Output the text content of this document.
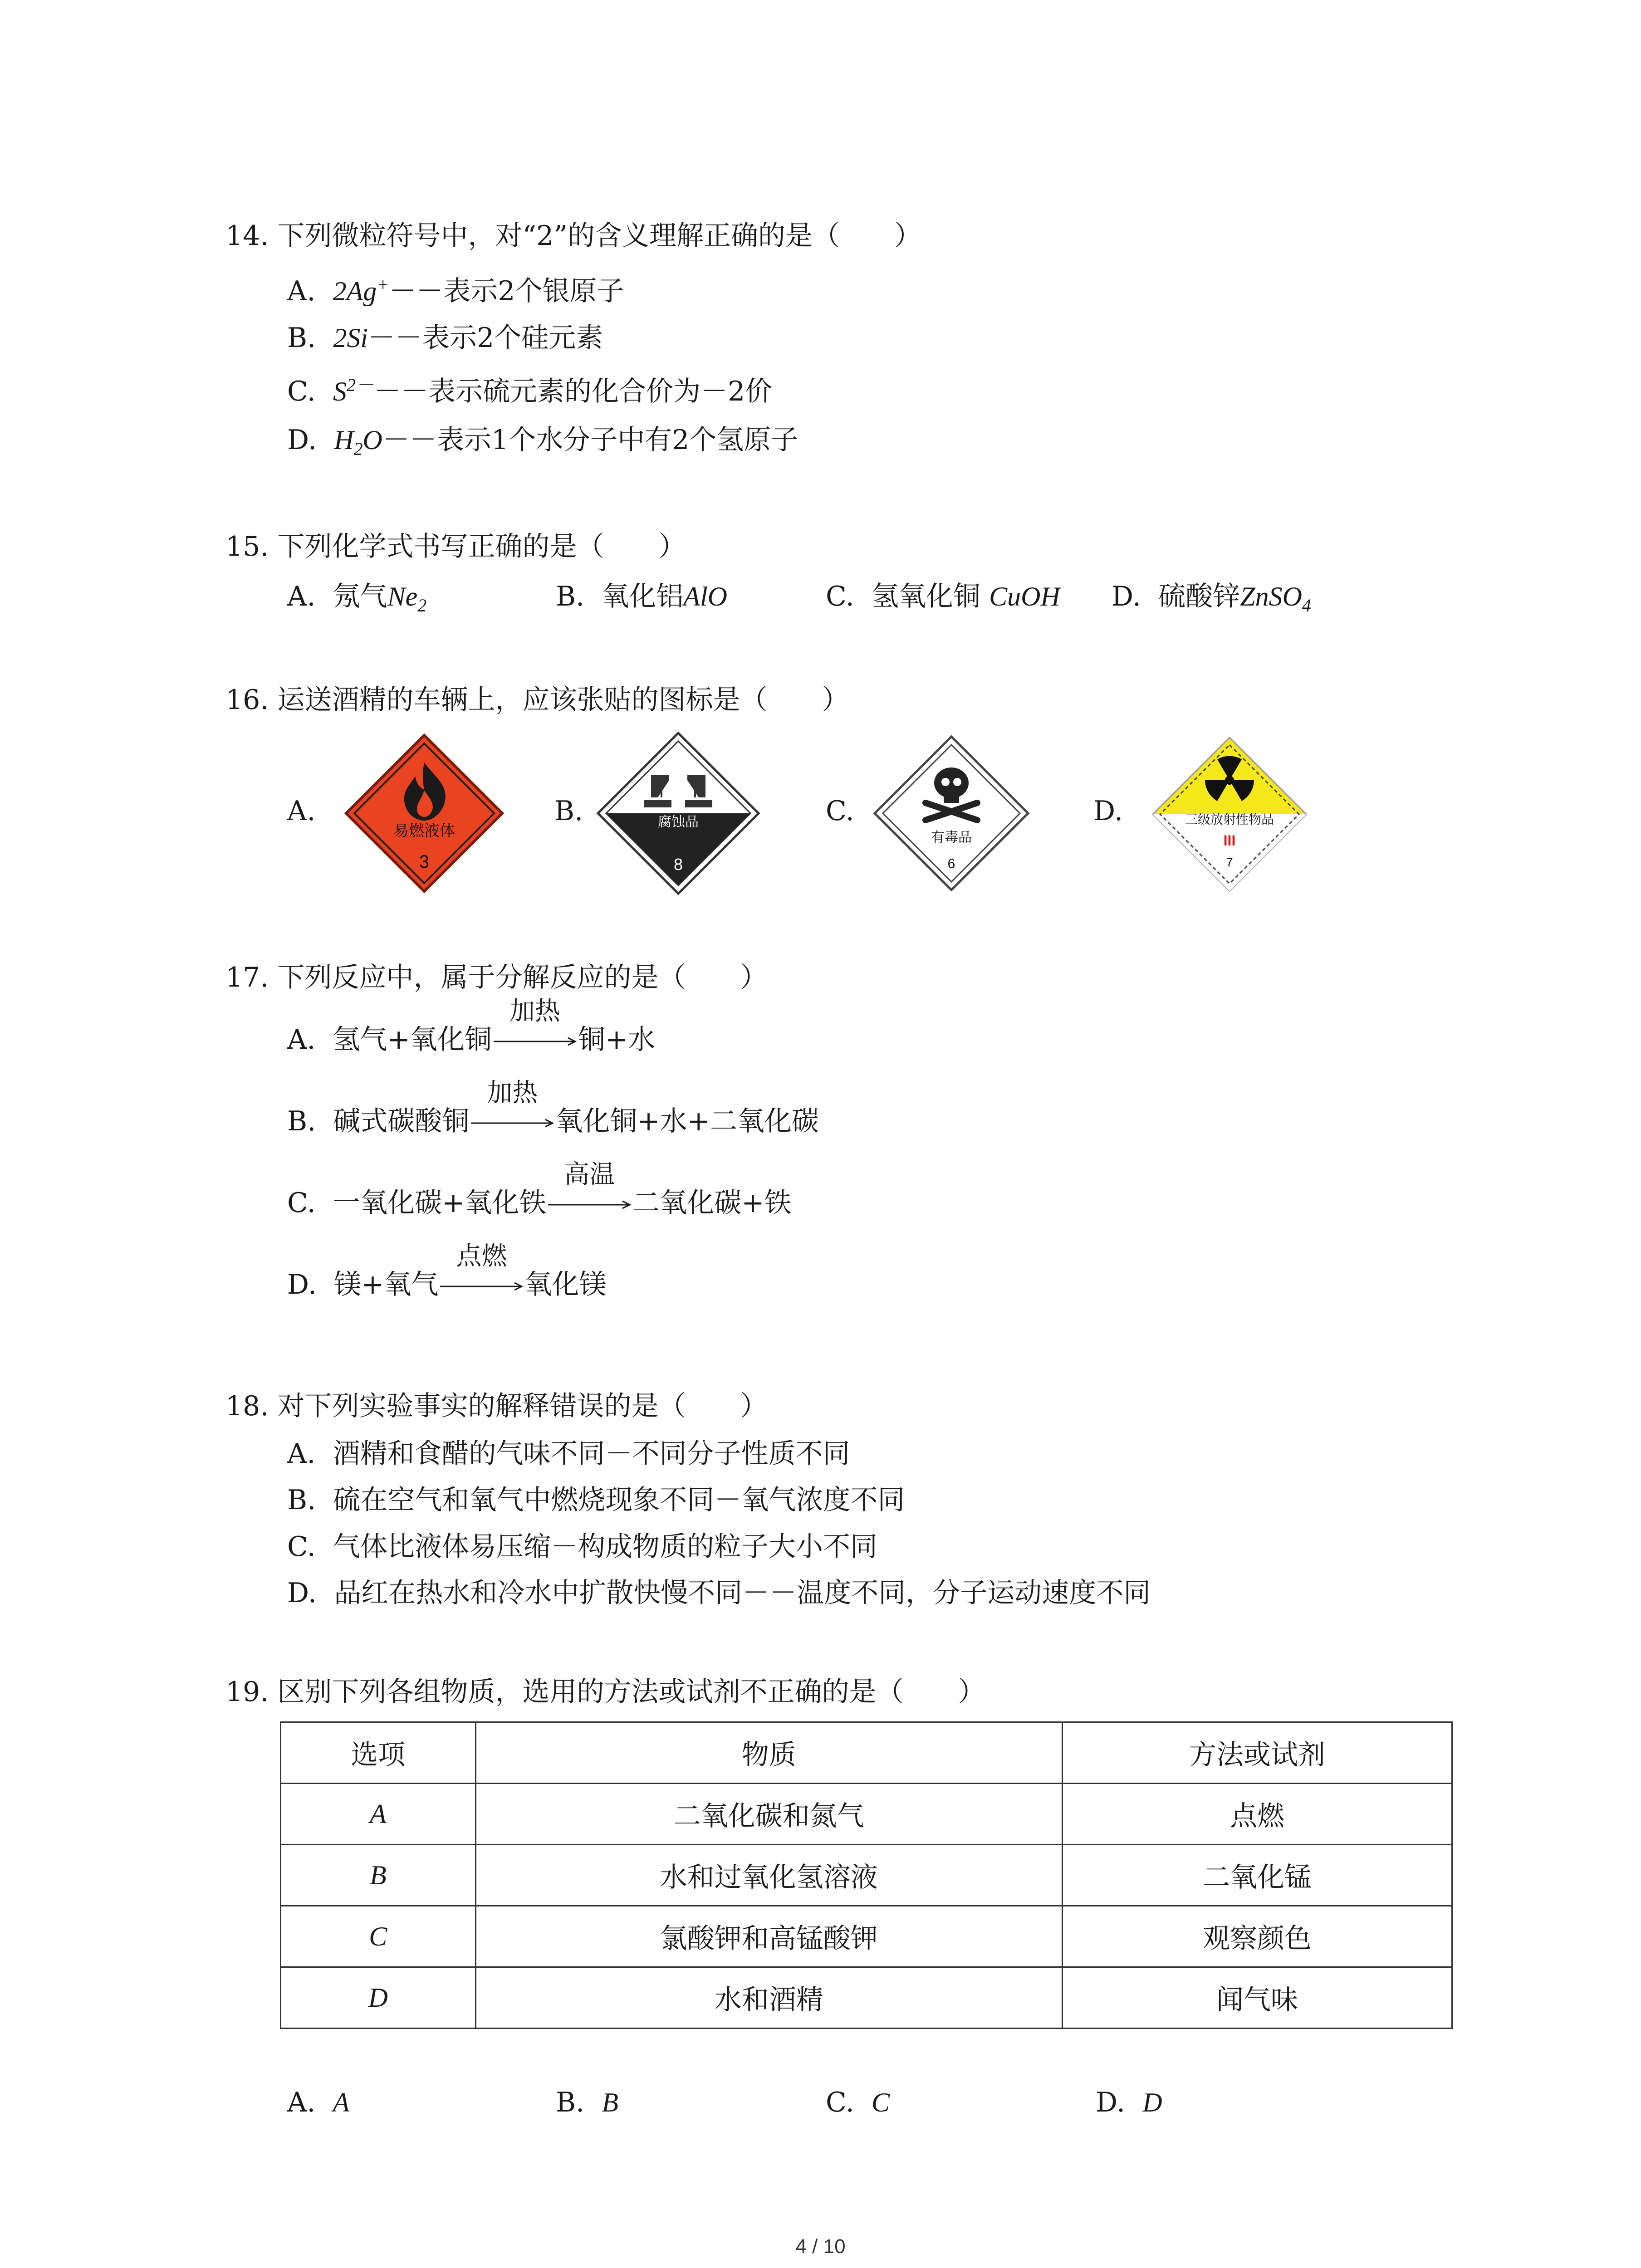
14. 下列微粒符号中，对“2”的含义理解正确的是（　　）
A. 2Ag+－－表示2个银原子
B. 2Si－－表示2个硅元素
C. $S^{2-}--$表示硫元素的化合价为－2价
D. $H_2O--$表示1个水分子中有2个氢原子
15. 下列化学式书写正确的是（　　）
A. 氖气$Ne_2$	B. 氧化铝AlO	C. 氢氧化铜 CuOH D. 硫酸锌ZnSO$_4$
16. 运送酒精的车辆上，应该张贴的图标是（　　）
A.
易燃液体
3
B.	腐蚀品
8
C.
有毒品
6
D.	三级放射性物品
III
7
17. 下列反应中，属于分解反应的是（　　）
A. 氢气+氧化铜
加热
铜+水
B. 碱式碳酸铜
加热
氧化铜+水+二氧化碳
C. 一氧化碳+氧化铁
高温
二氧化碳+铁
D. 镁+氧气
点燃
氧化镁
18. 对下列实验事实的解释错误的是（　　）
A. 酒精和食醋的气味不同－不同分子性质不同
B. 硫在空气和氧气中燃烧现象不同－氧气浓度不同
C. 气体比液体易压缩－构成物质的粒子大小不同
D. 品红在热水和冷水中扩散快慢不同－－温度不同，分子运动速度不同
19. 区别下列各组物质，选用的方法或试剂不正确的是（　　）
选项	物质	方法或试剂
A	二氧化碳和氮气	点燃
B	水和过氧化氢溶液	二氧化锰
C	氯酸钾和高锰酸钾	观察颜色
D	水和酒精	闻气味
A. A	B. B	C. C	D. D
4 / 10
